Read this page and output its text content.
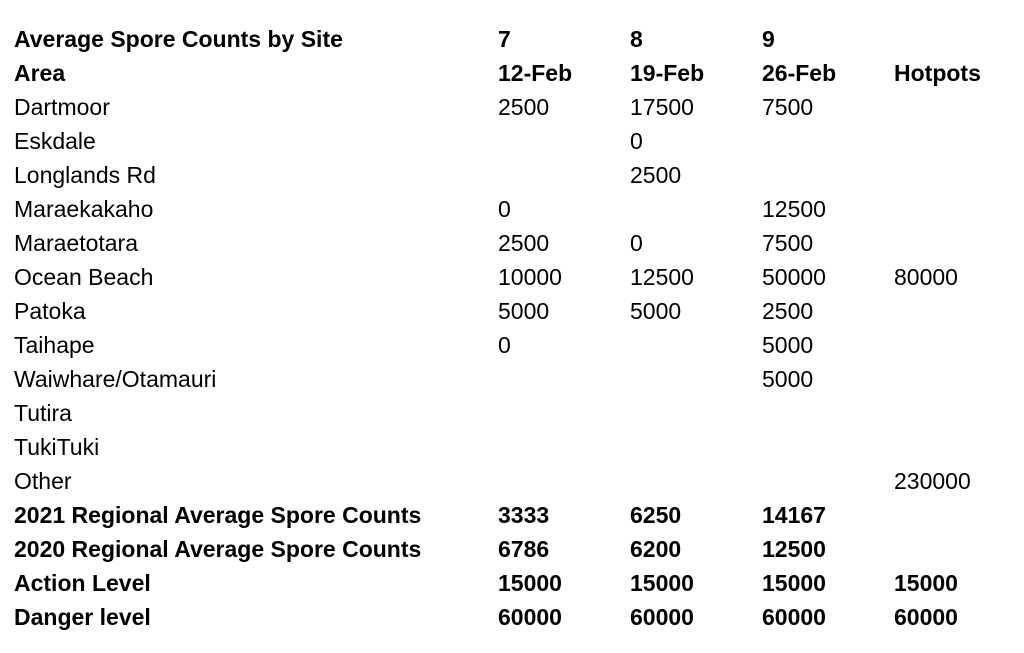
Average Spore Counts by Site	7	8	9	
Area	12-Feb	19-Feb	26-Feb	Hotpots
Dartmoor	2500	17500	7500	
Eskdale		0		
Longlands Rd		2500		
Maraekakaho	0		12500	
Maraetotara	2500	0	7500	
Ocean Beach	10000	12500	50000	80000
Patoka	5000	5000	2500	
Taihape	0		5000	
Waiwhare/Otamauri			5000	
Tutira				
TukiTuki				
Other				230000
2021 Regional Average Spore Counts	3333	6250	14167	
2020 Regional Average Spore Counts	6786	6200	12500	
Action Level	15000	15000	15000	15000
Danger level	60000	60000	60000	60000
